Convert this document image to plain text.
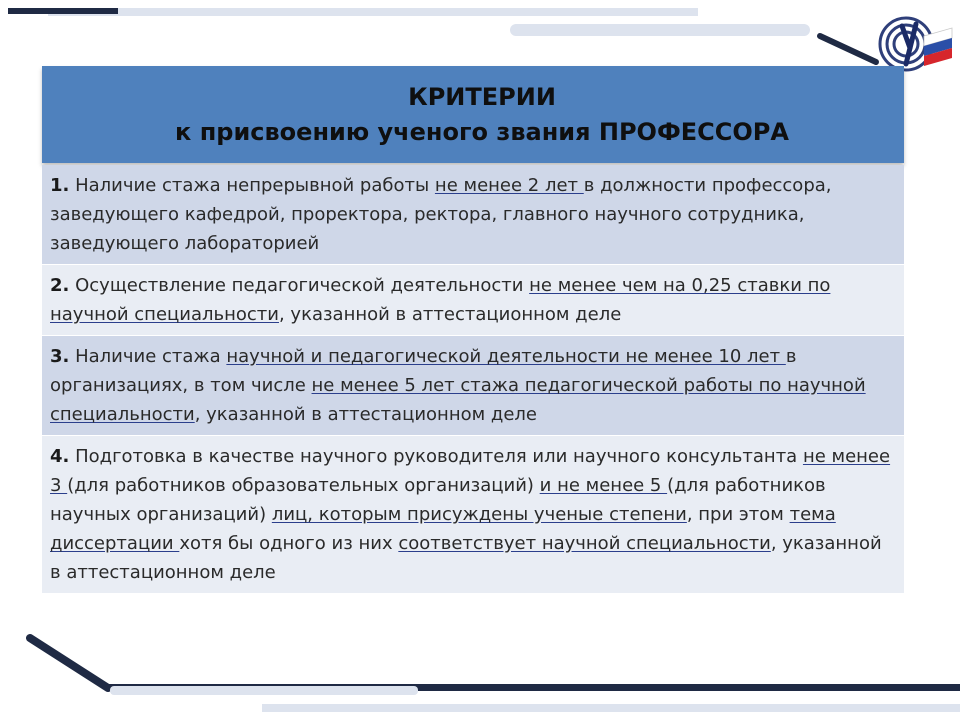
КРИТЕРИИ
к присвоению ученого звания ПРОФЕССОРА
1. Наличие стажа непрерывной работы не менее 2 лет в должности профессора, заведующего кафедрой, проректора, ректора, главного научного сотрудника, заведующего лабораторией
2. Осуществление педагогической деятельности не менее чем на 0,25 ставки по научной специальности, указанной в аттестационном деле
3. Наличие стажа научной и педагогической деятельности не менее 10 лет в организациях, в том числе не менее 5 лет стажа педагогической работы по научной специальности, указанной в аттестационном деле
4. Подготовка в качестве научного руководителя или научного консультанта не менее 3 (для работников образовательных организаций) и не менее 5 (для работников научных организаций) лиц, которым присуждены ученые степени, при этом тема диссертации хотя бы одного из них соответствует научной специальности, указанной в аттестационном деле
